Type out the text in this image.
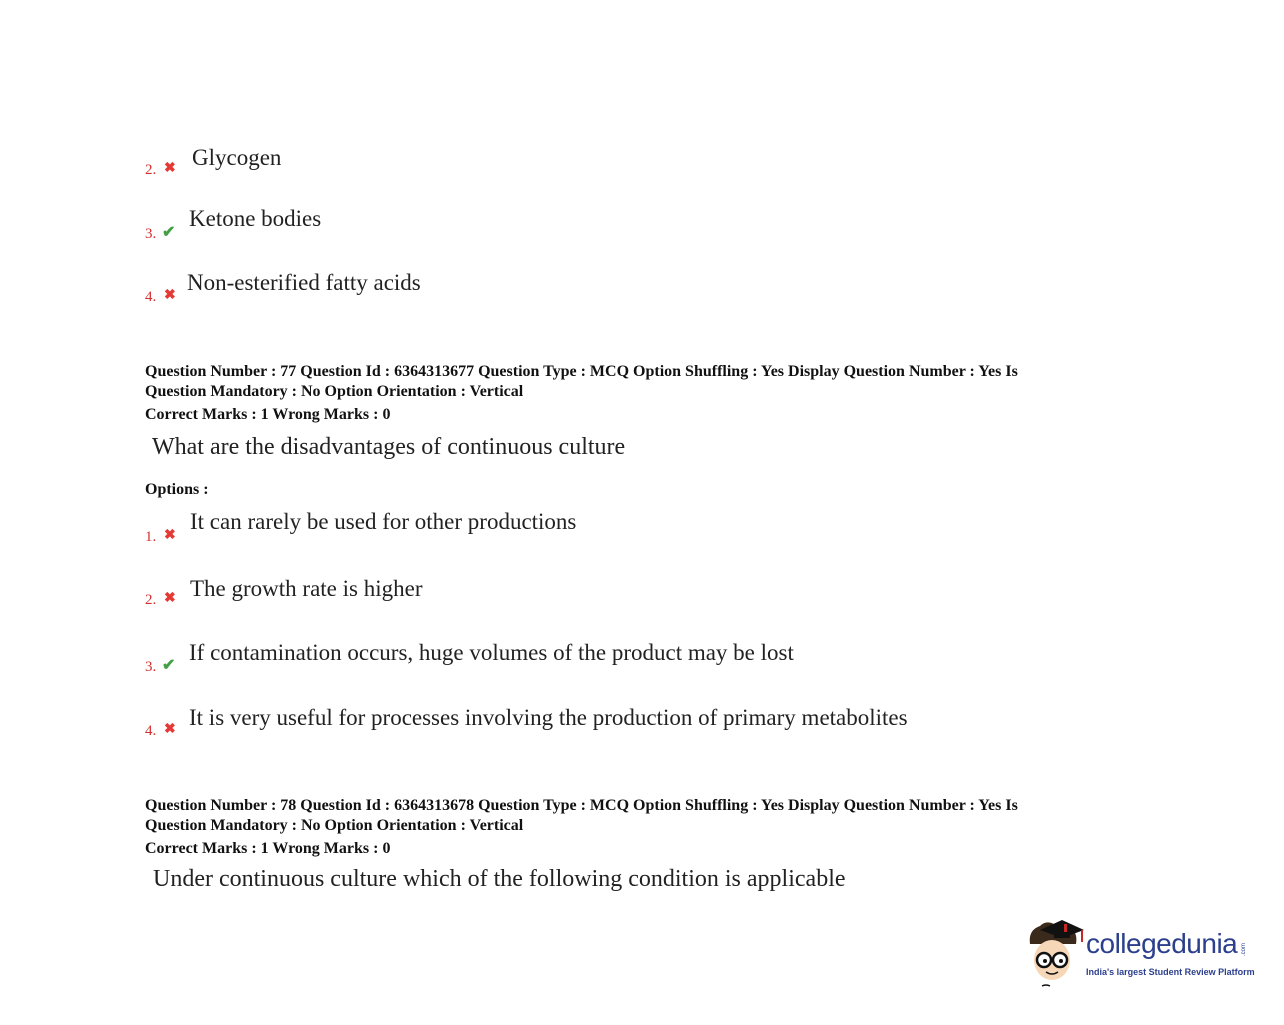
2. ✖ Glycogen
3. ✔
Ketone bodies
4. ✖
Non-esterified fatty acids
Question Number : 77 Question Id : 6364313677 Question Type : MCQ Option Shuffling : Yes Display Question Number : Yes Is
Question Mandatory : No Option Orientation : Vertical
Correct Marks : 1 Wrong Marks : 0
What are the disadvantages of continuous culture
Options :
1. ✖
It can rarely be used for other productions
2. ✖ The growth rate is higher
3. ✔
If contamination occurs, huge volumes of the product may be lost
4. ✖ It is very useful for processes involving the production of primary metabolites
Question Number : 78 Question Id : 6364313678 Question Type : MCQ Option Shuffling : Yes Display Question Number : Yes Is
Question Mandatory : No Option Orientation : Vertical
Correct Marks : 1 Wrong Marks : 0
Under continuous culture which of the following condition is applicable
collegedunia .com
India's largest Student Review Platform
